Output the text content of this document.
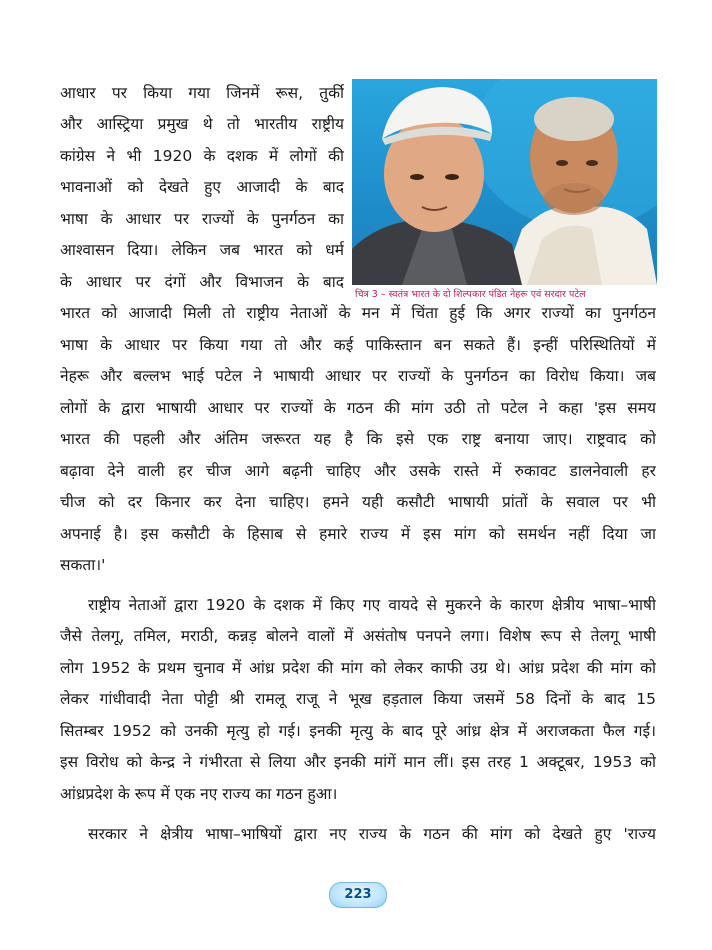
चित्र 3 – स्वतंत्र भारत के दो शिल्पकार पंडित नेहरू एवं सरदार पटेल
आधार पर किया गया जिनमें रूस, तुर्की
और आस्ट्रिया प्रमुख थे तो भारतीय राष्ट्रीय
कांग्रेस ने भी 1920 के दशक में लोगों की
भावनाओं को देखते हुए आजादी के बाद
भाषा के आधार पर राज्यों के पुनर्गठन का
आश्वासन दिया। लेकिन जब भारत को धर्म
के आधार पर दंगों और विभाजन के बाद
भारत को आजादी मिली तो राष्ट्रीय नेताओं के मन में चिंता हुई कि अगर राज्यों का पुनर्गठन
भाषा के आधार पर किया गया तो और कई पाकिस्तान बन सकते हैं। इन्हीं परिस्थितियों में
नेहरू और बल्लभ भाई पटेल ने भाषायी आधार पर राज्यों के पुनर्गठन का विरोध किया। जब
लोगों के द्वारा भाषायी आधार पर राज्यों के गठन की मांग उठी तो पटेल ने कहा 'इस समय
भारत की पहली और अंतिम जरूरत यह है कि इसे एक राष्ट्र बनाया जाए। राष्ट्रवाद को
बढ़ावा देने वाली हर चीज आगे बढ़नी चाहिए और उसके रास्ते में रुकावट डालनेवाली हर
चीज को दर किनार कर देना चाहिए। हमने यही कसौटी भाषायी प्रांतों के सवाल पर भी
अपनाई है। इस कसौटी के हिसाब से हमारे राज्य में इस मांग को समर्थन नहीं दिया जा
सकता।'
राष्ट्रीय नेताओं द्वारा 1920 के दशक में किए गए वायदे से मुकरने के कारण क्षेत्रीय भाषा–भाषी
जैसे तेलगू, तमिल, मराठी, कन्नड़ बोलने वालों में असंतोष पनपने लगा। विशेष रूप से तेलगू भाषी
लोग 1952 के प्रथम चुनाव में आंध्र प्रदेश की मांग को लेकर काफी उग्र थे। आंध्र प्रदेश की मांग को
लेकर गांधीवादी नेता पोट्टी श्री रामलू राजू ने भूख हड़ताल किया जसमें 58 दिनों के बाद 15
सितम्बर 1952 को उनकी मृत्यु हो गई। इनकी मृत्यु के बाद पूरे आंध्र क्षेत्र में अराजकता फैल गई।
इस विरोध को केन्द्र ने गंभीरता से लिया और इनकी मांगें मान लीं। इस तरह 1 अक्टूबर, 1953 को
आंध्रप्रदेश के रूप में एक नए राज्य का गठन हुआ।
सरकार ने क्षेत्रीय भाषा–भाषियों द्वारा नए राज्य के गठन की मांग को देखते हुए 'राज्य
223
